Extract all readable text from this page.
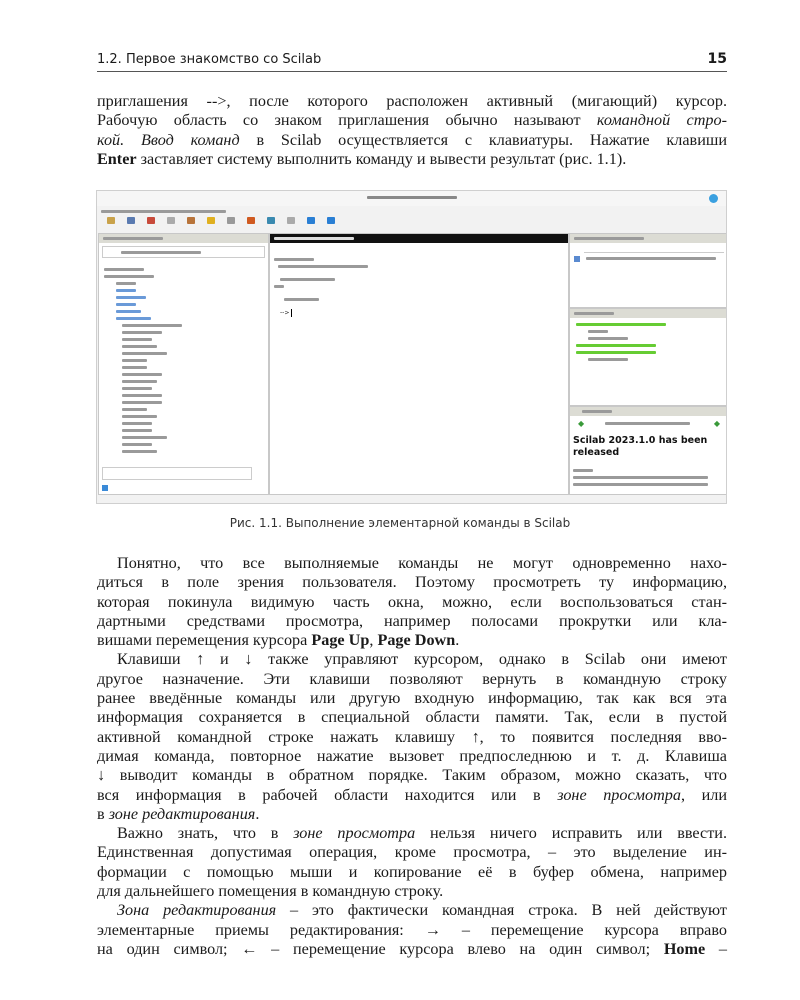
1.2. Первое знакомство со Scilab	15
приглашения -->, после которого расположен активный (мигающий) курсор.
Рабочую область со знаком приглашения обычно называют командной стро-
кой. Ввод команд в Scilab осуществляется с клавиатуры. Нажатие клавиши
Enter заставляет систему выполнить команду и вывести результат (рис. 1.1).
-->
◆	◆
Scilab 2023.1.0 has been released
Рис. 1.1. Выполнение элементарной команды в Scilab
Понятно, что все выполняемые команды не могут одновременно нахо-
диться в поле зрения пользователя. Поэтому просмотреть ту информацию,
которая покинула видимую часть окна, можно, если воспользоваться стан-
дартными средствами просмотра, например полосами прокрутки или кла-
вишами перемещения курсора Page Up, Page Down.
Клавиши ↑ и ↓ также управляют курсором, однако в Scilab они имеют
другое назначение. Эти клавиши позволяют вернуть в командную строку
ранее введённые команды или другую входную информацию, так как вся эта
информация сохраняется в специальной области памяти. Так, если в пустой
активной командной строке нажать клавишу ↑, то появится последняя вво-
димая команда, повторное нажатие вызовет предпоследнюю и т. д. Клавиша
↓ выводит команды в обратном порядке. Таким образом, можно сказать, что
вся информация в рабочей области находится или в зоне просмотра, или
в зоне редактирования.
Важно знать, что в зоне просмотра нельзя ничего исправить или ввести.
Единственная допустимая операция, кроме просмотра, – это выделение ин-
формации с помощью мыши и копирование её в буфер обмена, например
для дальнейшего помещения в командную строку.
Зона редактирования – это фактически командная строка. В ней действуют
элементарные приемы редактирования: → – перемещение курсора вправо
на один символ; ← – перемещение курсора влево на один символ; Home –
